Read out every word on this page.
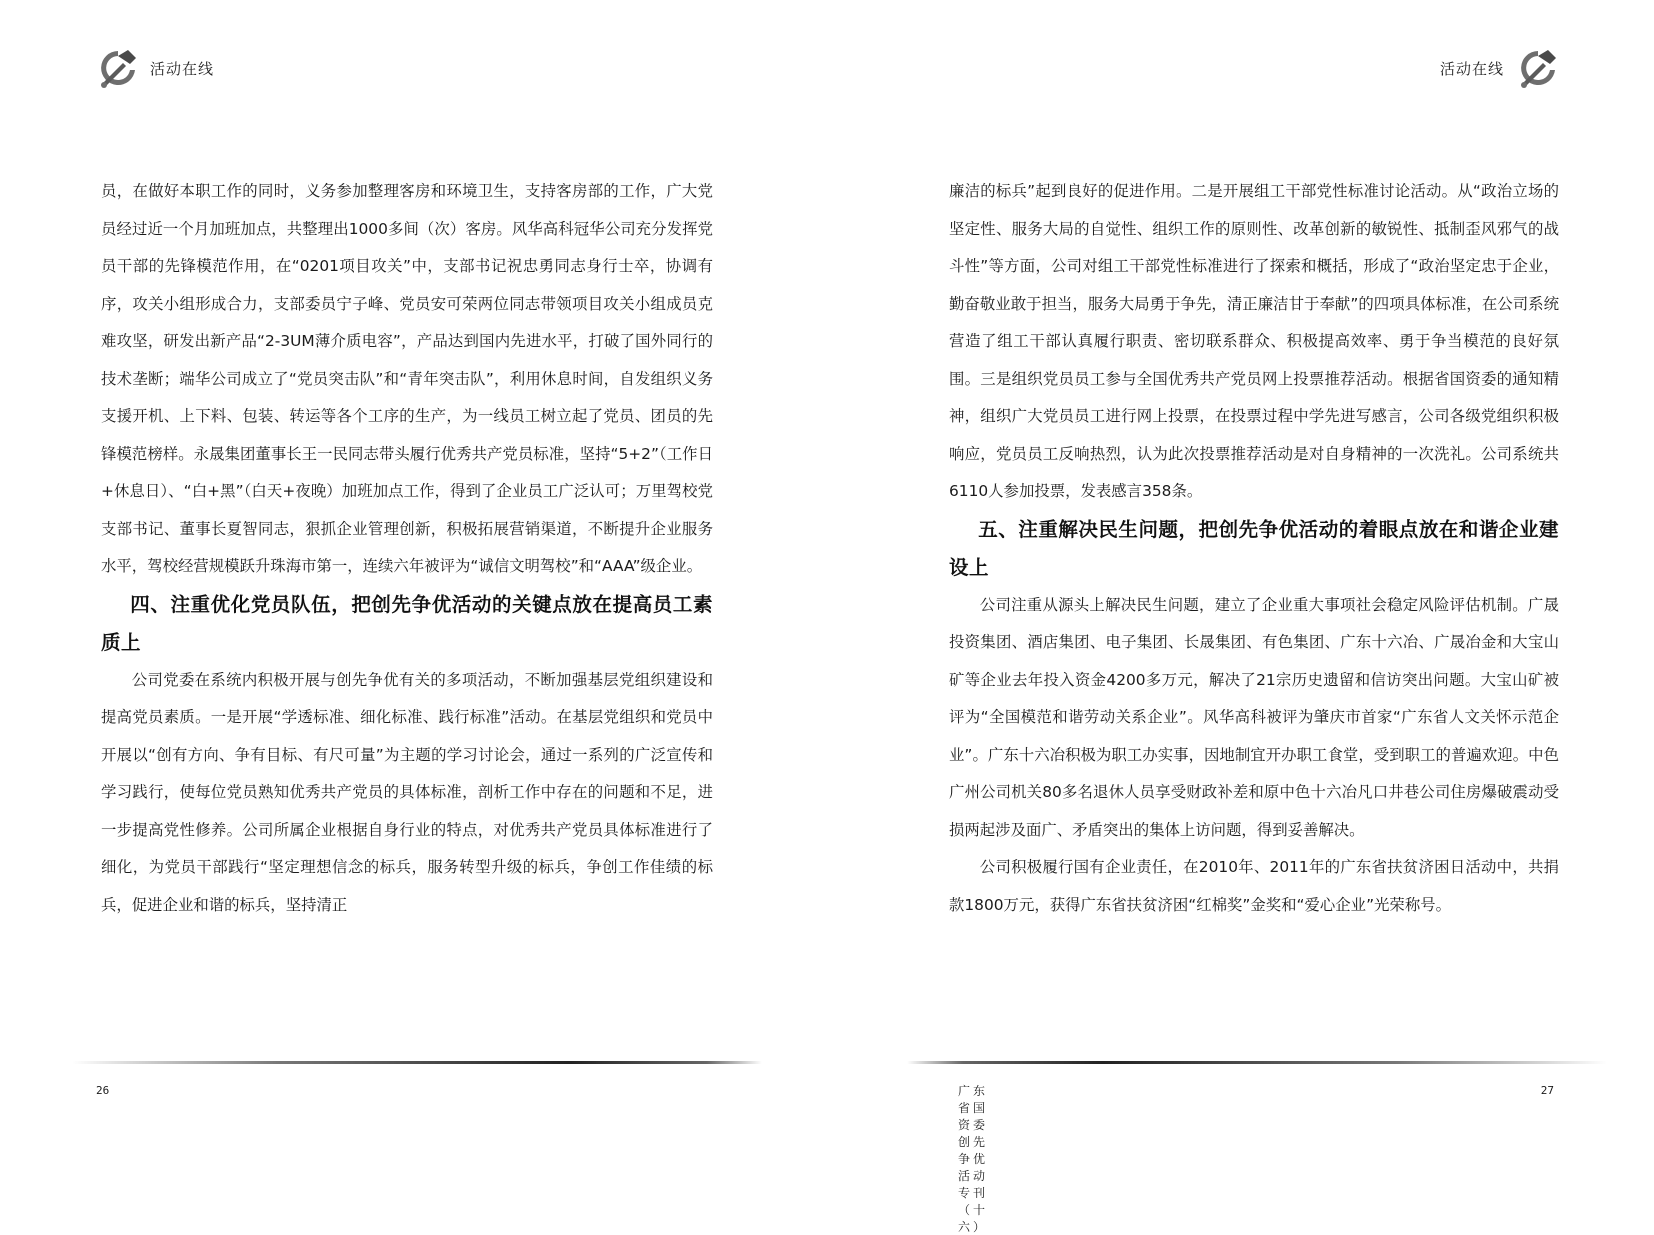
活动在线

员，在做好本职工作的同时，义务参加整理客房和环境卫生，支持客房部的工作，广大党员经过近一个月加班加点，共整理出1000多间（次）客房。风华高科冠华公司充分发挥党员干部的先锋模范作用，在“0201项目攻关”中，支部书记祝忠勇同志身行士卒，协调有序，攻关小组形成合力，支部委员宁子峰、党员安可荣两位同志带领项目攻关小组成员克难攻坚，研发出新产品“2-3UM薄介质电容”，产品达到国内先进水平，打破了国外同行的技术垄断；端华公司成立了“党员突击队”和“青年突击队”，利用休息时间，自发组织义务支援开机、上下料、包装、转运等各个工序的生产，为一线员工树立起了党员、团员的先锋模范榜样。永晟集团董事长王一民同志带头履行优秀共产党员标准，坚持“5+2”（工作日+休息日）、“白+黑”（白天+夜晚）加班加点工作，得到了企业员工广泛认可；万里驾校党支部书记、董事长夏智同志，狠抓企业管理创新，积极拓展营销渠道，不断提升企业服务水平，驾校经营规模跃升珠海市第一，连续六年被评为“诚信文明驾校”和“AAA”级企业。

四、注重优化党员队伍，把创先争优活动的关键点放在提高员工素质上

公司党委在系统内积极开展与创先争优有关的多项活动，不断加强基层党组织建设和提高党员素质。一是开展“学透标准、细化标准、践行标准”活动。在基层党组织和党员中开展以“创有方向、争有目标、有尺可量”为主题的学习讨论会，通过一系列的广泛宣传和学习践行，使每位党员熟知优秀共产党员的具体标准，剖析工作中存在的问题和不足，进一步提高党性修养。公司所属企业根据自身行业的特点，对优秀共产党员具体标准进行了细化，为党员干部践行“坚定理想信念的标兵，服务转型升级的标兵，争创工作佳绩的标兵，促进企业和谐的标兵，坚持清正

26
活动在线

廉洁的标兵”起到良好的促进作用。二是开展组工干部党性标准讨论活动。从“政治立场的坚定性、服务大局的自觉性、组织工作的原则性、改革创新的敏锐性、抵制歪风邪气的战斗性”等方面，公司对组工干部党性标准进行了探索和概括，形成了“政治坚定忠于企业，勤奋敬业敢于担当，服务大局勇于争先，清正廉洁甘于奉献”的四项具体标准，在公司系统营造了组工干部认真履行职责、密切联系群众、积极提高效率、勇于争当模范的良好氛围。三是组织党员员工参与全国优秀共产党员网上投票推荐活动。根据省国资委的通知精神，组织广大党员员工进行网上投票，在投票过程中学先进写感言，公司各级党组织积极响应，党员员工反响热烈，认为此次投票推荐活动是对自身精神的一次洗礼。公司系统共6110人参加投票，发表感言358条。

五、注重解决民生问题，把创先争优活动的着眼点放在和谐企业建设上

公司注重从源头上解决民生问题，建立了企业重大事项社会稳定风险评估机制。广晟投资集团、酒店集团、电子集团、长晟集团、有色集团、广东十六冶、广晟冶金和大宝山矿等企业去年投入资金4200多万元，解决了21宗历史遗留和信访突出问题。大宝山矿被评为“全国模范和谐劳动关系企业”。风华高科被评为肇庆市首家“广东省人文关怀示范企业”。广东十六冶积极为职工办实事，因地制宜开办职工食堂，受到职工的普遍欢迎。中色广州公司机关80多名退休人员享受财政补差和原中色十六冶凡口井巷公司住房爆破震动受损两起涉及面广、矛盾突出的集体上访问题，得到妥善解决。

公司积极履行国有企业责任，在2010年、2011年的广东省扶贫济困日活动中，共捐款1800万元，获得广东省扶贫济困“红棉奖”金奖和“爱心企业”光荣称号。

广东省国资委创先争优活动专刊（十六）
27
